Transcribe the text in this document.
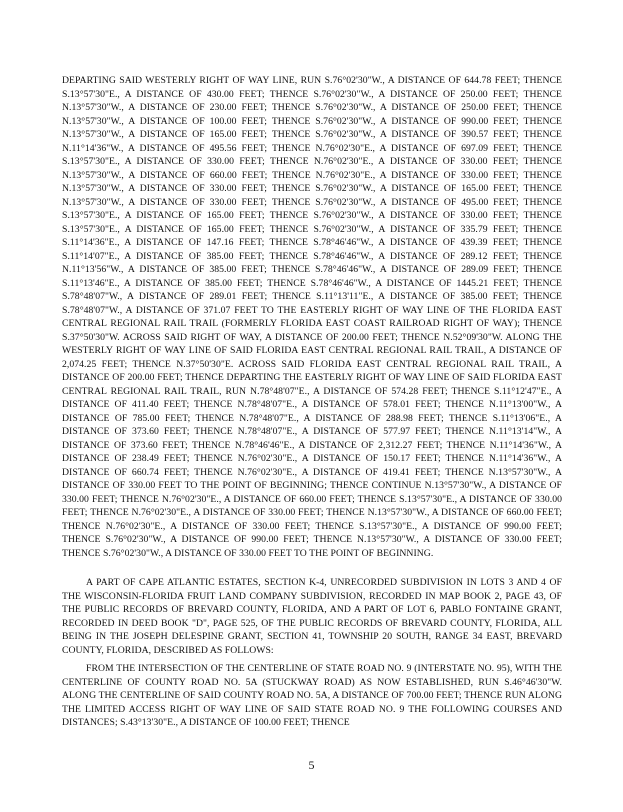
DEPARTING SAID WESTERLY RIGHT OF WAY LINE, RUN S.76°02'30"W., A DISTANCE OF 644.78 FEET; THENCE S.13°57'30"E., A DISTANCE OF 430.00 FEET; THENCE S.76°02'30"W., A DISTANCE OF 250.00 FEET; THENCE N.13°57'30"W., A DISTANCE OF 230.00 FEET; THENCE S.76°02'30"W., A DISTANCE OF 250.00 FEET; THENCE N.13°57'30"W., A DISTANCE OF 100.00 FEET; THENCE S.76°02'30"W., A DISTANCE OF 990.00 FEET; THENCE N.13°57'30"W., A DISTANCE OF 165.00 FEET; THENCE S.76°02'30"W., A DISTANCE OF 390.57 FEET; THENCE N.11°14'36"W., A DISTANCE OF 495.56 FEET; THENCE N.76°02'30"E., A DISTANCE OF 697.09 FEET; THENCE S.13°57'30"E., A DISTANCE OF 330.00 FEET; THENCE N.76°02'30"E., A DISTANCE OF 330.00 FEET; THENCE N.13°57'30"W., A DISTANCE OF 660.00 FEET; THENCE N.76°02'30"E., A DISTANCE OF 330.00 FEET; THENCE N.13°57'30"W., A DISTANCE OF 330.00 FEET; THENCE S.76°02'30"W., A DISTANCE OF 165.00 FEET; THENCE N.13°57'30"W., A DISTANCE OF 330.00 FEET; THENCE S.76°02'30"W., A DISTANCE OF 495.00 FEET; THENCE S.13°57'30"E., A DISTANCE OF 165.00 FEET; THENCE S.76°02'30"W., A DISTANCE OF 330.00 FEET; THENCE S.13°57'30"E., A DISTANCE OF 165.00 FEET; THENCE S.76°02'30"W., A DISTANCE OF 335.79 FEET; THENCE S.11°14'36"E., A DISTANCE OF 147.16 FEET; THENCE S.78°46'46"W., A DISTANCE OF 439.39 FEET; THENCE S.11°14'07"E., A DISTANCE OF 385.00 FEET; THENCE S.78°46'46"W., A DISTANCE OF 289.12 FEET; THENCE N.11°13'56"W., A DISTANCE OF 385.00 FEET; THENCE S.78°46'46"W., A DISTANCE OF 289.09 FEET; THENCE S.11°13'46"E., A DISTANCE OF 385.00 FEET; THENCE S.78°46'46"W., A DISTANCE OF 1445.21 FEET; THENCE S.78°48'07"W., A DISTANCE OF 289.01 FEET; THENCE S.11°13'11"E., A DISTANCE OF 385.00 FEET; THENCE S.78°48'07"W., A DISTANCE OF 371.07 FEET TO THE EASTERLY RIGHT OF WAY LINE OF THE FLORIDA EAST CENTRAL REGIONAL RAIL TRAIL (FORMERLY FLORIDA EAST COAST RAILROAD RIGHT OF WAY); THENCE S.37°50'30"W. ACROSS SAID RIGHT OF WAY, A DISTANCE OF 200.00 FEET; THENCE N.52°09'30"W. ALONG THE WESTERLY RIGHT OF WAY LINE OF SAID FLORIDA EAST CENTRAL REGIONAL RAIL TRAIL, A DISTANCE OF 2,074.25 FEET; THENCE N.37°50'30"E. ACROSS SAID FLORIDA EAST CENTRAL REGIONAL RAIL TRAIL, A DISTANCE OF 200.00 FEET; THENCE DEPARTING THE EASTERLY RIGHT OF WAY LINE OF SAID FLORIDA EAST CENTRAL REGIONAL RAIL TRAIL, RUN N.78°48'07"E., A DISTANCE OF 574.28 FEET; THENCE S.11°12'47"E., A DISTANCE OF 411.40 FEET; THENCE N.78°48'07"E., A DISTANCE OF 578.01 FEET; THENCE N.11°13'00"W., A DISTANCE OF 785.00 FEET; THENCE N.78°48'07"E., A DISTANCE OF 288.98 FEET; THENCE S.11°13'06"E., A DISTANCE OF 373.60 FEET; THENCE N.78°48'07"E., A DISTANCE OF 577.97 FEET; THENCE N.11°13'14"W., A DISTANCE OF 373.60 FEET; THENCE N.78°46'46"E., A DISTANCE OF 2,312.27 FEET; THENCE N.11°14'36"W., A DISTANCE OF 238.49 FEET; THENCE N.76°02'30"E., A DISTANCE OF 150.17 FEET; THENCE N.11°14'36"W., A DISTANCE OF 660.74 FEET; THENCE N.76°02'30"E., A DISTANCE OF 419.41 FEET; THENCE N.13°57'30"W., A DISTANCE OF 330.00 FEET TO THE POINT OF BEGINNING; THENCE CONTINUE N.13°57'30"W., A DISTANCE OF 330.00 FEET; THENCE N.76°02'30"E., A DISTANCE OF 660.00 FEET; THENCE S.13°57'30"E., A DISTANCE OF 330.00 FEET; THENCE N.76°02'30"E., A DISTANCE OF 330.00 FEET; THENCE N.13°57'30"W., A DISTANCE OF 660.00 FEET; THENCE N.76°02'30"E., A DISTANCE OF 330.00 FEET; THENCE S.13°57'30"E., A DISTANCE OF 990.00 FEET; THENCE S.76°02'30"W., A DISTANCE OF 990.00 FEET; THENCE N.13°57'30"W., A DISTANCE OF 330.00 FEET; THENCE S.76°02'30"W., A DISTANCE OF 330.00 FEET TO THE POINT OF BEGINNING.

A PART OF CAPE ATLANTIC ESTATES, SECTION K-4, UNRECORDED SUBDIVISION IN LOTS 3 AND 4 OF THE WISCONSIN-FLORIDA FRUIT LAND COMPANY SUBDIVISION, RECORDED IN MAP BOOK 2, PAGE 43, OF THE PUBLIC RECORDS OF BREVARD COUNTY, FLORIDA, AND A PART OF LOT 6, PABLO FONTAINE GRANT, RECORDED IN DEED BOOK "D", PAGE 525, OF THE PUBLIC RECORDS OF BREVARD COUNTY, FLORIDA, ALL BEING IN THE JOSEPH DELESPINE GRANT, SECTION 41, TOWNSHIP 20 SOUTH, RANGE 34 EAST, BREVARD COUNTY, FLORIDA, DESCRIBED AS FOLLOWS:

FROM THE INTERSECTION OF THE CENTERLINE OF STATE ROAD NO. 9 (INTERSTATE NO. 95), WITH THE CENTERLINE OF COUNTY ROAD NO. 5A (STUCKWAY ROAD) AS NOW ESTABLISHED, RUN S.46°46'30"W. ALONG THE CENTERLINE OF SAID COUNTY ROAD NO. 5A, A DISTANCE OF 700.00 FEET; THENCE RUN ALONG THE LIMITED ACCESS RIGHT OF WAY LINE OF SAID STATE ROAD NO. 9 THE FOLLOWING COURSES AND DISTANCES; S.43°13'30"E., A DISTANCE OF 100.00 FEET; THENCE

5
